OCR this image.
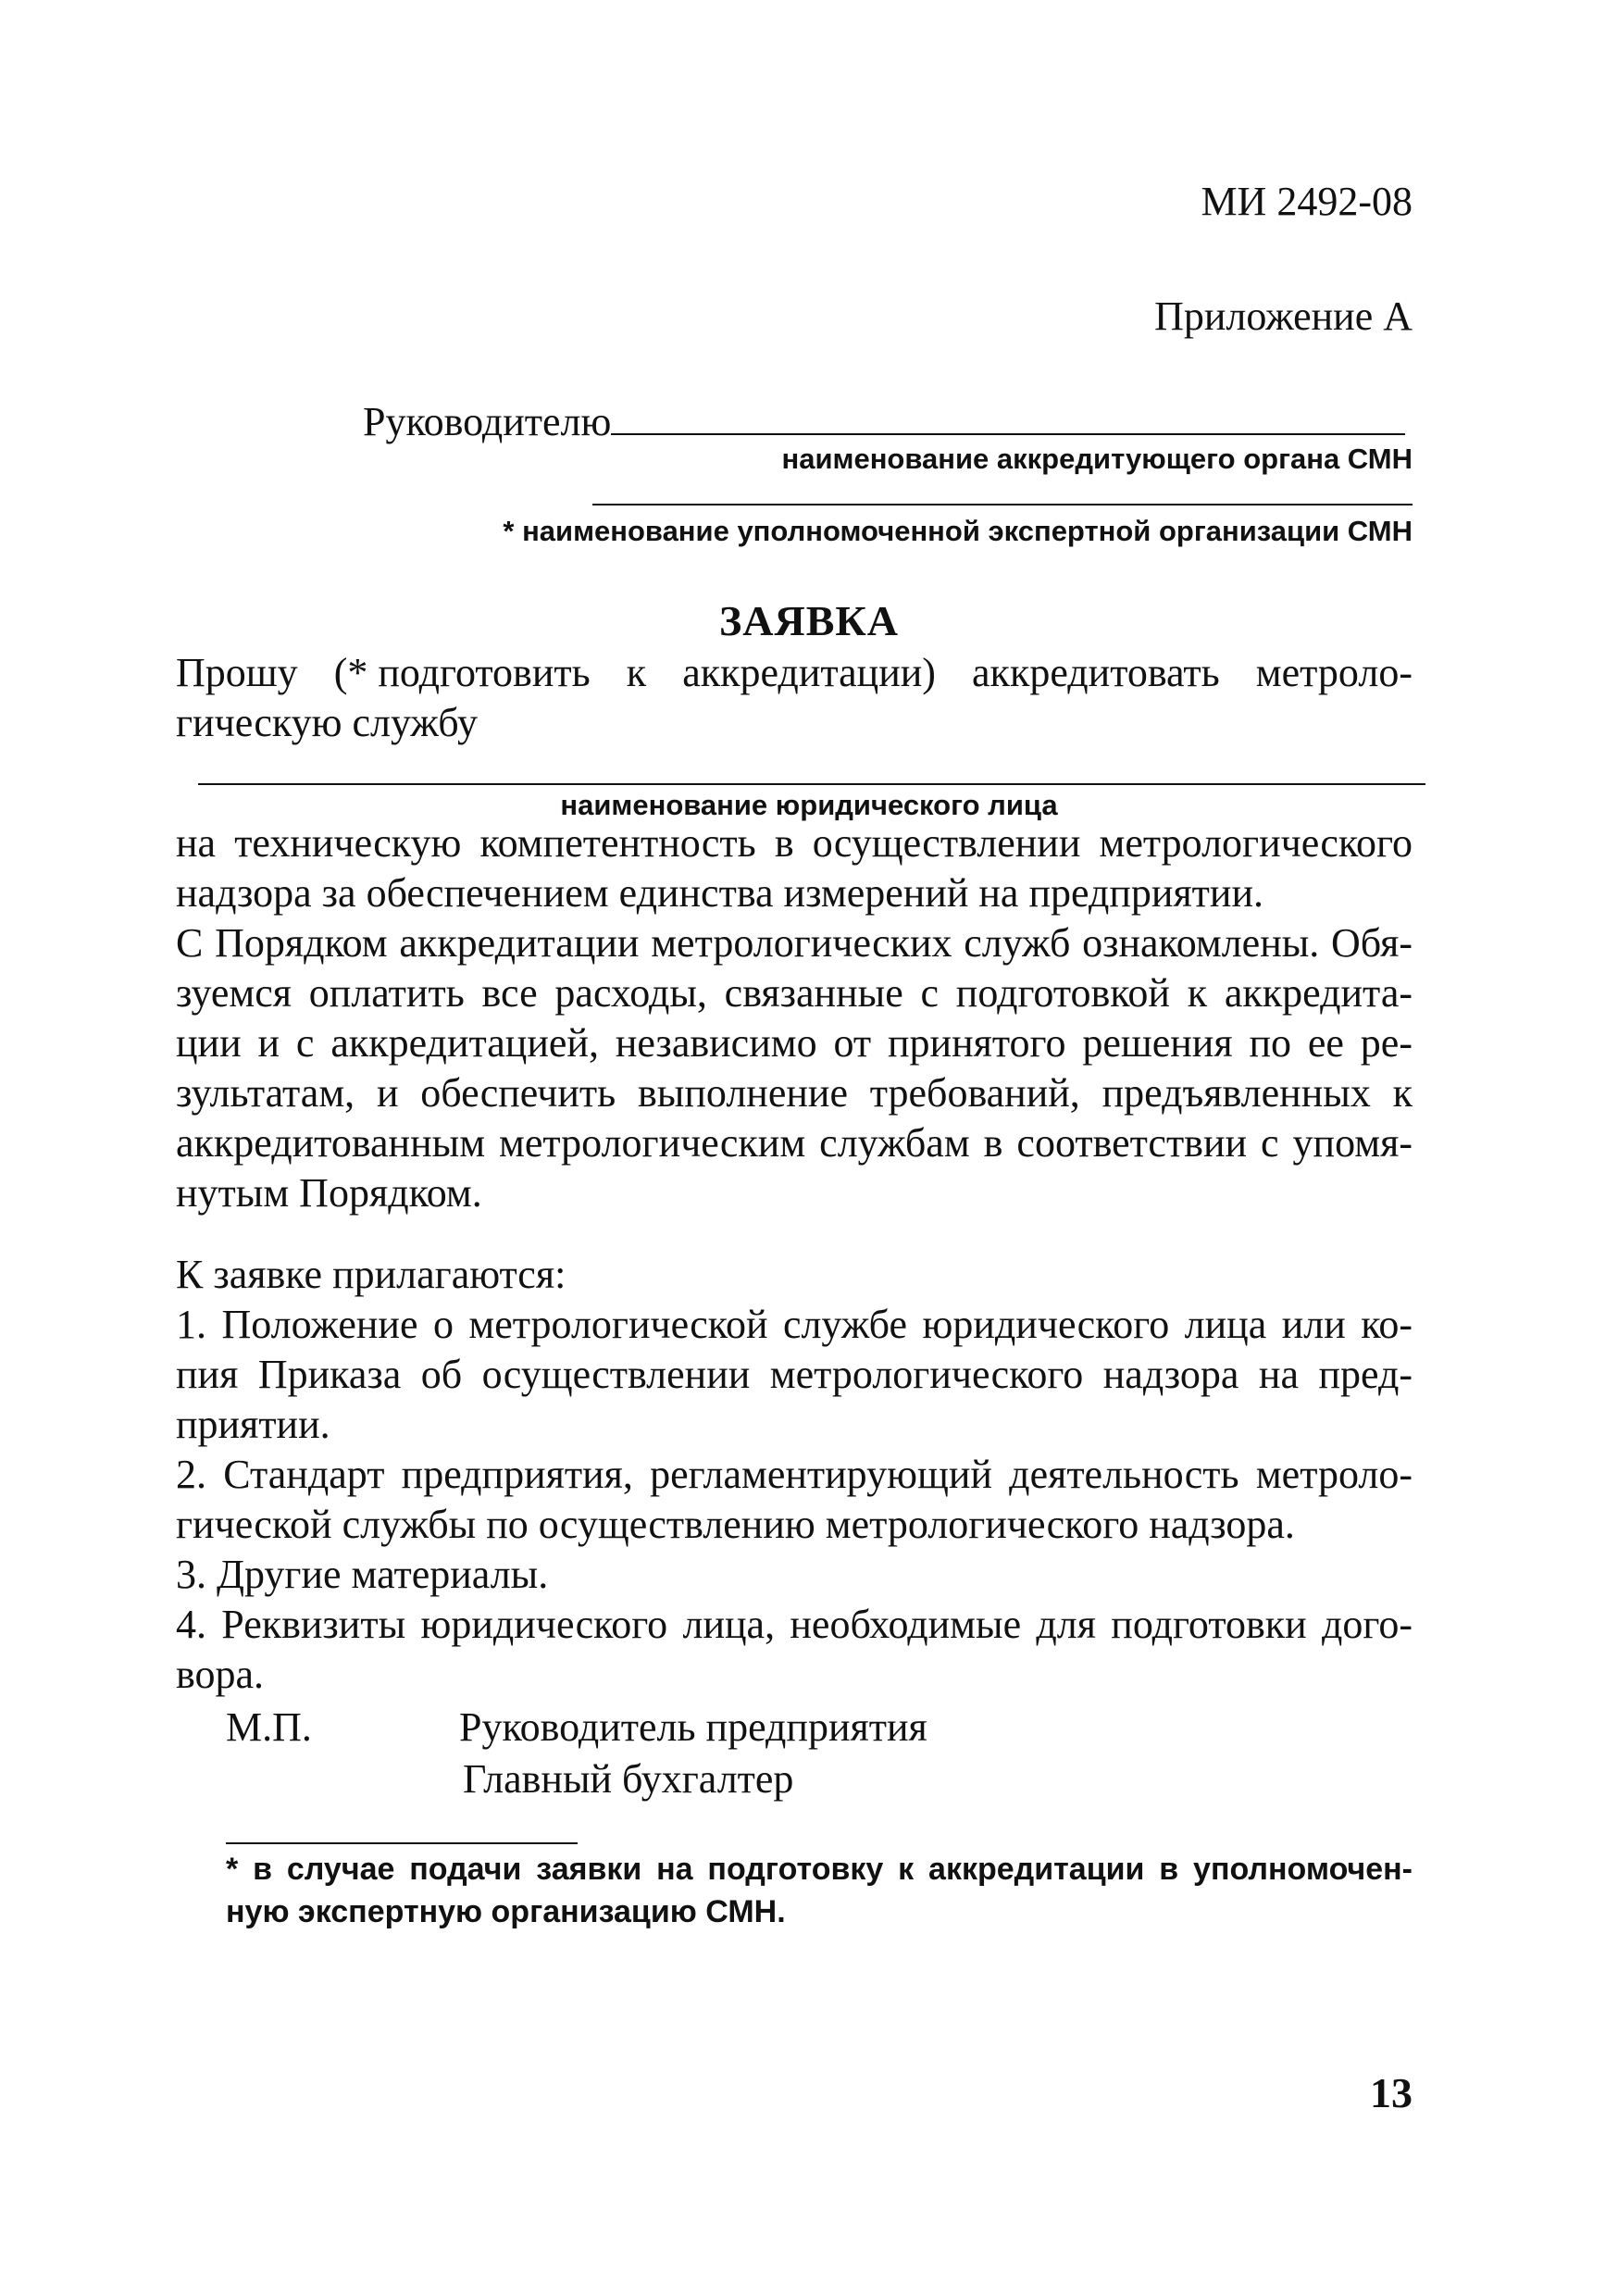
МИ 2492-08
Приложение А
Руководителю
наименование аккредитующего органа СМН
* наименование уполномоченной экспертной организации СМН
ЗАЯВКА
Прошу (* подготовить к аккредитации) аккредитовать метроло-
гическую службу
наименование юридического лица
на техническую компетентность в осуществлении метрологического
надзора за обеспечением единства измерений на предприятии.
С Порядком аккредитации метрологических служб ознакомлены. Обя-
зуемся оплатить все расходы, связанные с подготовкой к аккредита-
ции и с аккредитацией, независимо от принятого решения по ее ре-
зультатам, и обеспечить выполнение требований, предъявленных к
аккредитованным метрологическим службам в соответствии с упомя-
нутым Порядком.
К заявке прилагаются:
1. Положение о метрологической службе юридического лица или ко-
пия Приказа об осуществлении метрологического надзора на пред-
приятии.
2. Стандарт предприятия, регламентирующий деятельность метроло-
гической службы по осуществлению метрологического надзора.
3. Другие материалы.
4. Реквизиты юридического лица, необходимые для подготовки дого-
вора.
М.П.	Руководитель предприятия
Главный бухгалтер
* в случае подачи заявки на подготовку к аккредитации в уполномочен-
ную экспертную организацию СМН.
13
